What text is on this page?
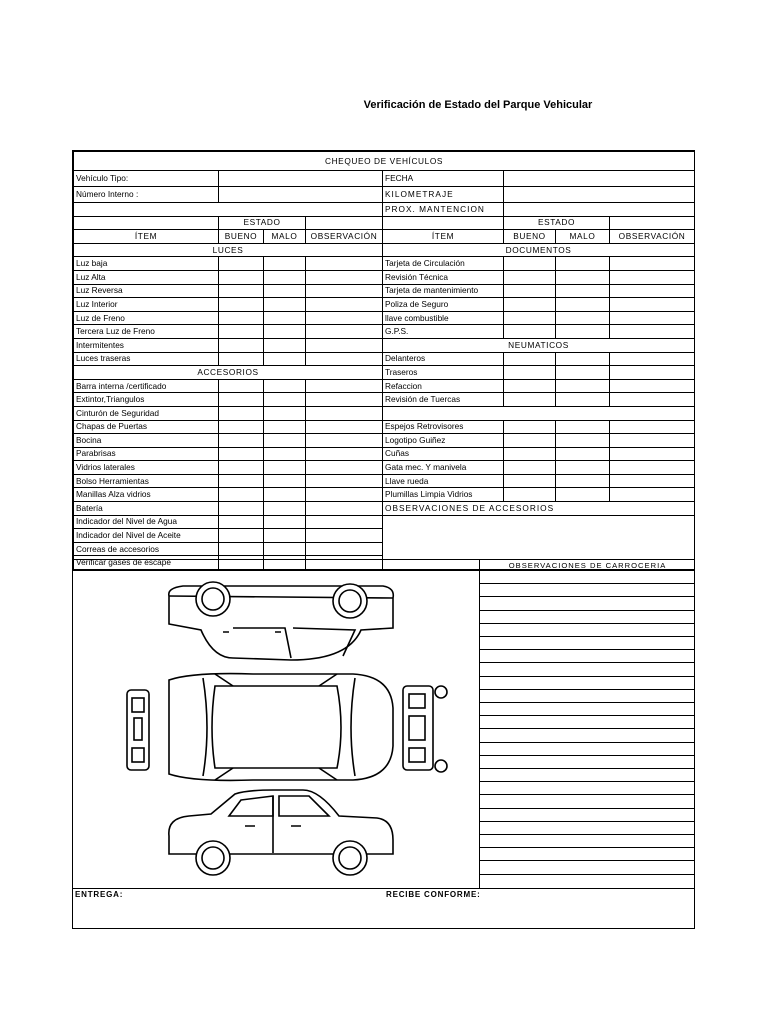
Verificación de Estado del Parque Vehicular
CHEQUEO DE VEHÍCULOS							
Vehículo Tipo:				FECHA			
Número Interno :				KILOMETRAJE			
				PROX. MANTENCION			
	ESTADO				ESTADO		
ÍTEM	BUENO	MALO	OBSERVACIÓN	ÍTEM	BUENO	MALO	OBSERVACIÓN
LUCES				DOCUMENTOS			
Luz baja				Tarjeta de Circulación			
Luz Alta				Revisión Técnica			
Luz Reversa				Tarjeta de mantenimiento			
Luz Interior				Poliza de Seguro			
Luz de Freno				llave combustible			
Tercera Luz de Freno				G.P.S.			
Intermitentes				NEUMATICOS			
Luces traseras				Delanteros			
ACCESORIOS				Traseros			
Barra interna /certificado				Refaccion			
Extintor,Triangulos				Revisión de Tuercas			
Cinturón de Seguridad							
Chapas de Puertas				Espejos Retrovisores			
Bocina				Logotipo Guiñez			
Parabrisas				Cuñas			
Vidrios laterales				Gata mec. Y manivela			
Bolso Herramientas				Llave rueda			
Manillas Alza vidrios				Plumillas Limpia Vidrios			
Batería				OBSERVACIONES DE ACCESORIOS			
Indicador del Nivel de Agua							
Indicador del Nivel de Aceite							
Correas de accesorios							
Verificar gases de escape								OBSERVACIONES DE CARROCERIA
ENTREGA:	RECIBE CONFORME:
